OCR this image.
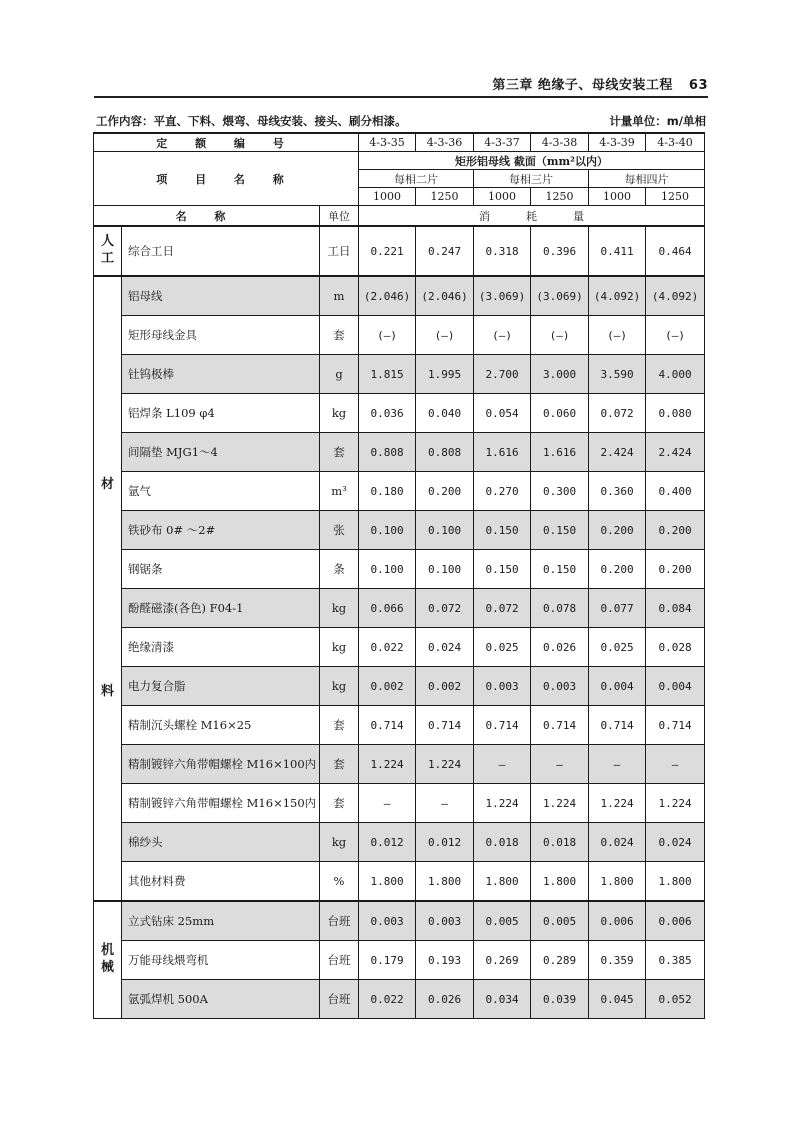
第三章 绝缘子、母线安装工程 63
工作内容：平直、下料、煨弯、母线安装、接头、刷分相漆。	计量单位：m/单相
定 额 编 号			4-3-35	4-3-36	4-3-37	4-3-38	4-3-39	4-3-40
项 目 名 称			矩形铝母线 截面（mm²以内）					
			每相二片		每相三片		每相四片	
			1000	1250	1000	1250	1000	1250
名 称		单位	消 耗 量					

人
工	综合工日	工日	0.221	0.247	0.318	0.396	0.411	0.464

材
料	铝母线	m	(2.046)	(2.046)	(3.069)	(3.069)	(4.092)	(4.092)
	矩形母线金具	套	(—)	(—)	(—)	(—)	(—)	(—)
	钍钨极棒	g	1.815	1.995	2.700	3.000	3.590	4.000
	铝焊条 L109 φ4	kg	0.036	0.040	0.054	0.060	0.072	0.080
	间隔垫 MJG1～4	套	0.808	0.808	1.616	1.616	2.424	2.424
	氩气	m³	0.180	0.200	0.270	0.300	0.360	0.400
	铁砂布 0# ～2#	张	0.100	0.100	0.150	0.150	0.200	0.200
	钢锯条	条	0.100	0.100	0.150	0.150	0.200	0.200
	酚醛磁漆(各色) F04-1	kg	0.066	0.072	0.072	0.078	0.077	0.084
	绝缘清漆	kg	0.022	0.024	0.025	0.026	0.025	0.028
	电力复合脂	kg	0.002	0.002	0.003	0.003	0.004	0.004
	精制沉头螺栓 M16×25	套	0.714	0.714	0.714	0.714	0.714	0.714
	精制镀锌六角带帽螺栓 M16×100内	套	1.224	1.224	—	—	—	—
	精制镀锌六角带帽螺栓 M16×150内	套	—	—	1.224	1.224	1.224	1.224
	棉纱头	kg	0.012	0.012	0.018	0.018	0.024	0.024
	其他材料费	%	1.800	1.800	1.800	1.800	1.800	1.800

机
械	立式钻床 25mm	台班	0.003	0.003	0.005	0.005	0.006	0.006
	万能母线煨弯机	台班	0.179	0.193	0.269	0.289	0.359	0.385
	氩弧焊机 500A	台班	0.022	0.026	0.034	0.039	0.045	0.052
